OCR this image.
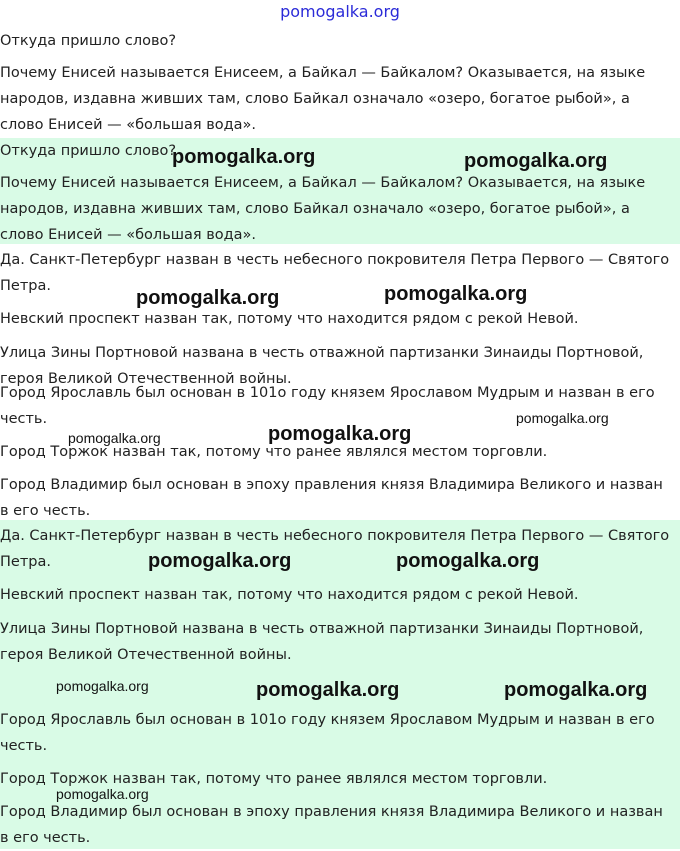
pomogalka.org

Откуда пришло слово?

Почему Енисей называется Енисеем, а Байкал — Байкалом? Оказывается, на языке народов, издавна живших там, слово Байкал означало «озеро, богатое рыбой», а слово Енисей — «большая вода».

Откуда пришло слово?

Почему Енисей называется Енисеем, а Байкал — Байкалом? Оказывается, на языке народов, издавна живших там, слово Байкал означало «озеро, богатое рыбой», а слово Енисей — «большая вода».

Да. Санкт-Петербург назван в честь небесного покровителя Петра Первого — Святого Петра.

Невский проспект назван так, потому что находится рядом с рекой Невой.

Улица Зины Портновой названа в честь отважной партизанки Зинаиды Портновой, героя Великой Отечественной войны.

Город Ярославль был основан в 101о году князем Ярославом Мудрым и назван в его честь.

Город Торжок назван так, потому что ранее являлся местом торговли.

Город Владимир был основан в эпоху правления князя Владимира Великого и назван в его честь.

Да. Санкт-Петербург назван в честь небесного покровителя Петра Первого — Святого Петра.

Невский проспект назван так, потому что находится рядом с рекой Невой.

Улица Зины Портновой названа в честь отважной партизанки Зинаиды Портновой, героя Великой Отечественной войны.

Город Ярославль был основан в 101о году князем Ярославом Мудрым и назван в его честь.

Город Торжок назван так, потому что ранее являлся местом торговли.

Город Владимир был основан в эпоху правления князя Владимира Великого и назван в его честь.

pomogalka.org	pomogalka.org
pomogalka.org	pomogalka.org
pomogalka.org
pomogalka.org
pomogalka.org
pomogalka.org	pomogalka.org
pomogalka.org	pomogalka.org	pomogalka.org
pomogalka.org
